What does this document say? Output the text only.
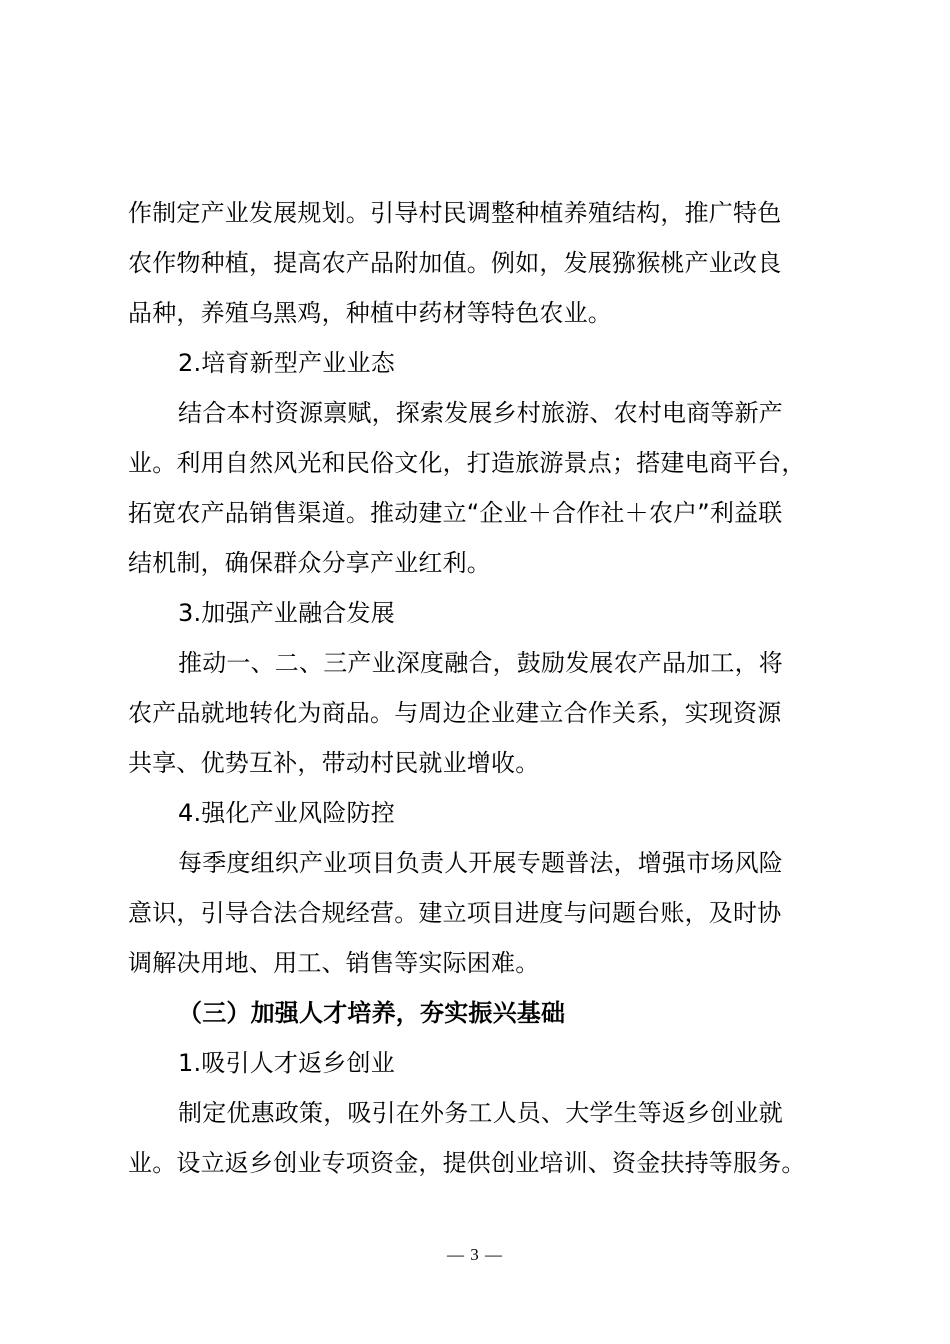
作制定产业发展规划。引导村民调整种植养殖结构，推广特色
农作物种植，提高农产品附加值。例如，发展猕猴桃产业改良
品种，养殖乌黑鸡，种植中药材等特色农业。
2.培育新型产业业态
结合本村资源禀赋，探索发展乡村旅游、农村电商等新产
业。利用自然风光和民俗文化，打造旅游景点；搭建电商平台，
拓宽农产品销售渠道。推动建立“企业＋合作社＋农户”利益联
结机制，确保群众分享产业红利。
3.加强产业融合发展
推动一、二、三产业深度融合，鼓励发展农产品加工，将
农产品就地转化为商品。与周边企业建立合作关系，实现资源
共享、优势互补，带动村民就业增收。
4.强化产业风险防控
每季度组织产业项目负责人开展专题普法，增强市场风险
意识，引导合法合规经营。建立项目进度与问题台账，及时协
调解决用地、用工、销售等实际困难。
（三）加强人才培养，夯实振兴基础
1.吸引人才返乡创业
制定优惠政策，吸引在外务工人员、大学生等返乡创业就
业。设立返乡创业专项资金，提供创业培训、资金扶持等服务。
— 3 —
